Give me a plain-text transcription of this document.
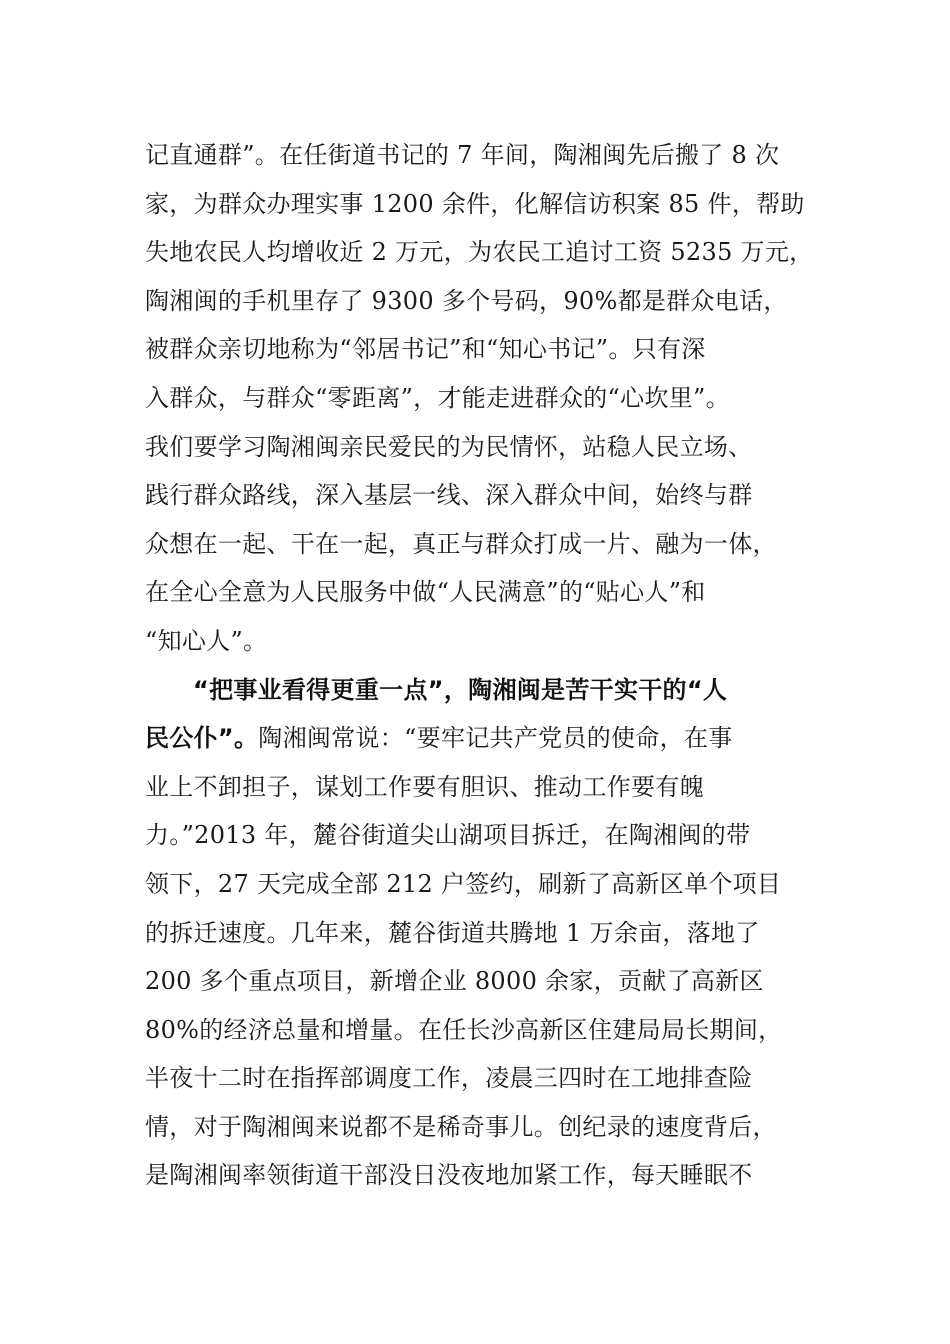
记直通群”。在任街道书记的 7 年间，陶湘闽先后搬了 8 次
家，为群众办理实事 1200 余件，化解信访积案 85 件，帮助
失地农民人均增收近 2 万元，为农民工追讨工资 5235 万元，
陶湘闽的手机里存了 9300 多个号码，90%都是群众电话，
被群众亲切地称为“邻居书记”和“知心书记”。只有深
入群众，与群众“零距离”，才能走进群众的“心坎里”。
我们要学习陶湘闽亲民爱民的为民情怀，站稳人民立场、
践行群众路线，深入基层一线、深入群众中间，始终与群
众想在一起、干在一起，真正与群众打成一片、融为一体，
在全心全意为人民服务中做“人民满意”的“贴心人”和
“知心人”。
“把事业看得更重一点”，陶湘闽是苦干实干的“人
民公仆”。陶湘闽常说：“要牢记共产党员的使命，在事
业上不卸担子，谋划工作要有胆识、推动工作要有魄
力。”2013 年，麓谷街道尖山湖项目拆迁，在陶湘闽的带
领下，27 天完成全部 212 户签约，刷新了高新区单个项目
的拆迁速度。几年来，麓谷街道共腾地 1 万余亩，落地了
200 多个重点项目，新增企业 8000 余家，贡献了高新区
80%的经济总量和增量。在任长沙高新区住建局局长期间，
半夜十二时在指挥部调度工作，凌晨三四时在工地排查险
情，对于陶湘闽来说都不是稀奇事儿。创纪录的速度背后，
是陶湘闽率领街道干部没日没夜地加紧工作，每天睡眠不
